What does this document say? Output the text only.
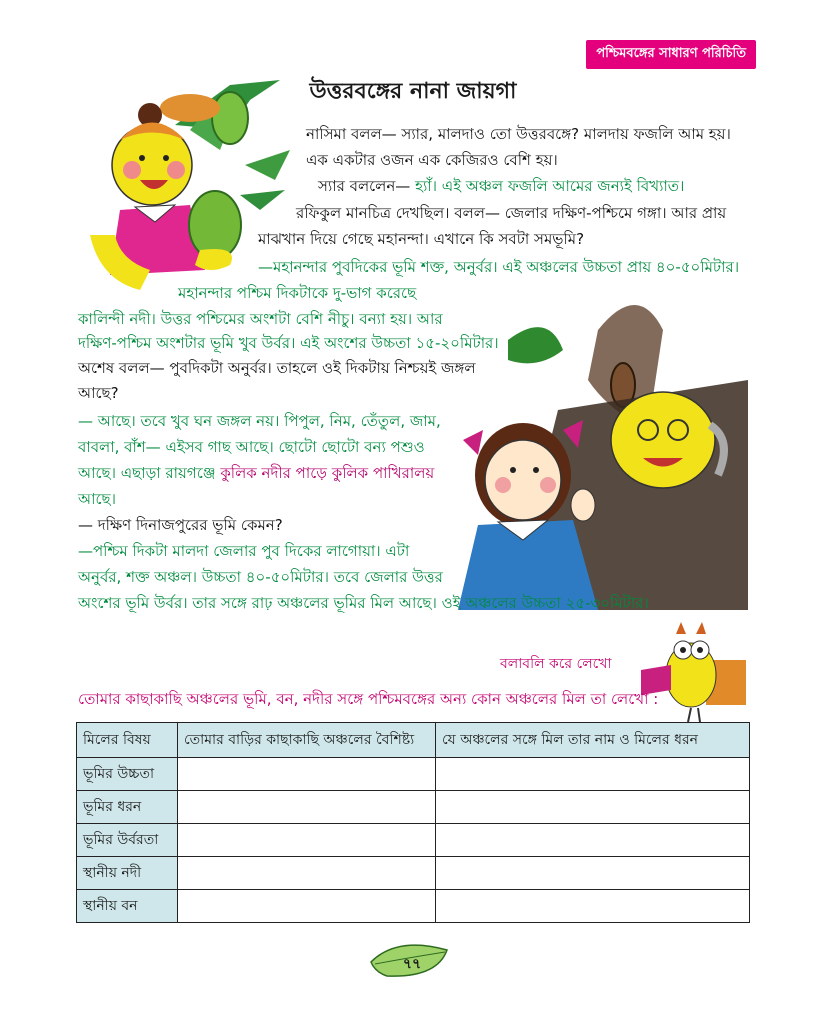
পশ্চিমবঙ্গের সাধারণ পরিচিতি
উত্তরবঙ্গের নানা জায়গা
নাসিমা বলল— স্যার, মালদাও তো উত্তরবঙ্গে? মালদায় ফজলি আম হয়।
এক একটার ওজন এক কেজিরও বেশি হয়।
স্যার বললেন— হ্যাঁ। এই অঞ্চল ফজলি আমের জন্যই বিখ্যাত।
রফিকুল মানচিত্র দেখছিল। বলল— জেলার দক্ষিণ-পশ্চিমে গঙ্গা। আর প্রায়
মাঝখান দিয়ে গেছে মহানন্দা। এখানে কি সবটা সমভূমি?
—মহানন্দার পুবদিকের ভূমি শক্ত, অনুর্বর। এই অঞ্চলের উচ্চতা প্রায় ৪০-৫০মিটার।
মহানন্দার পশ্চিম দিকটাকে দু-ভাগ করেছে
কালিন্দী নদী। উত্তর পশ্চিমের অংশটা বেশি নীচু। বন্যা হয়। আর
দক্ষিণ-পশ্চিম অংশটার ভূমি খুব উর্বর। এই অংশের উচ্চতা ১৫-২০মিটার।
অশেষ বলল— পুবদিকটা অনুর্বর। তাহলে ওই দিকটায় নিশ্চয়ই জঙ্গল
আছে?
— আছে। তবে খুব ঘন জঙ্গল নয়। পিপুল, নিম, তেঁতুল, জাম,
বাবলা, বাঁশ— এইসব গাছ আছে। ছোটো ছোটো বন্য পশুও
আছে। এছাড়া রায়গঞ্জে কুলিক নদীর পাড়ে কুলিক পাখিরালয়
আছে।
— দক্ষিণ দিনাজপুরের ভূমি কেমন?
—পশ্চিম দিকটা মালদা জেলার পুব দিকের লাগোয়া। এটা
অনুর্বর, শক্ত অঞ্চল। উচ্চতা ৪০-৫০মিটার। তবে জেলার উত্তর
অংশের ভূমি উর্বর। তার সঙ্গে রাঢ় অঞ্চলের ভূমির মিল আছে। ওই অঞ্চলের উচ্চতা ২৫-৩০মিটার।
বলাবলি করে লেখো
তোমার কাছাকাছি অঞ্চলের ভূমি, বন, নদীর সঙ্গে পশ্চিমবঙ্গের অন্য কোন অঞ্চলের মিল তা লেখো :
মিলের বিষয়	তোমার বাড়ির কাছাকাছি অঞ্চলের বৈশিষ্ট্য	যে অঞ্চলের সঙ্গে মিল তার নাম ও মিলের ধরন
ভূমির উচ্চতা		
ভূমির ধরন		
ভূমির উর্বরতা		
স্থানীয় নদী		
স্থানীয় বন		
৭৭
